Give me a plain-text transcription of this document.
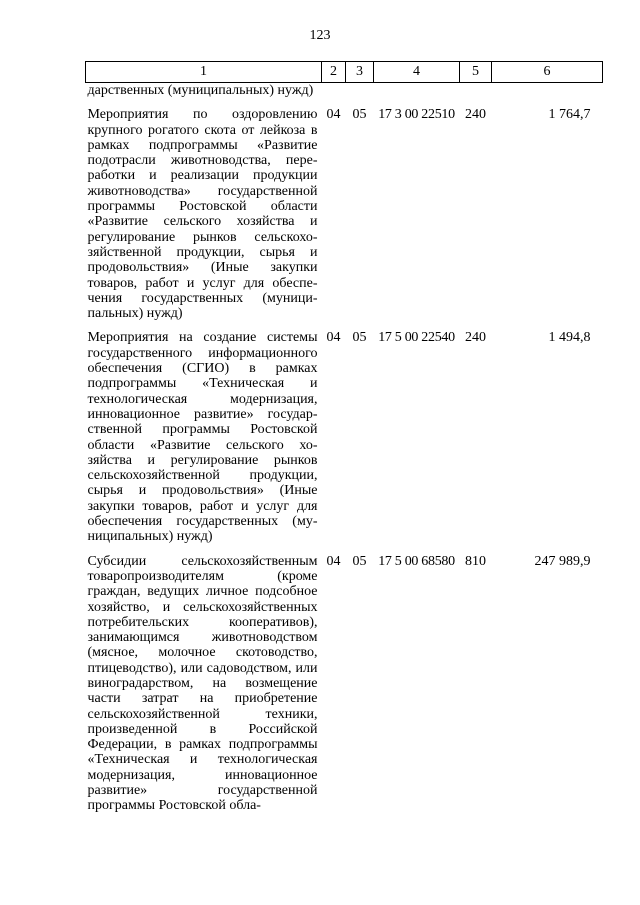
123
1	2	3	4	5	6
дарственных (муниципальных) нужд)					

Мероприятия по оздоровлению крупного рогатого скота от лейкоза в рамках подпрограммы «Развитие подотрасли животноводства, переработки и реализации продукции животноводства» государственной программы Ростовской области «Развитие сельского хозяйства и регулирование рынков сельскохозяйственной продукции, сырья и продовольствия» (Иные закупки товаров, работ и услуг для обеспечения государственных (муниципальных) нужд)	04	05	17 3 00 22510	240	1 764,7

Мероприятия на создание системы государственного информационного обеспечения (СГИО) в рамках подпрограммы «Техническая и технологическая модернизация, инновационное развитие» государственной программы Ростовской области «Развитие сельского хозяйства и регулирование рынков сельскохозяйственной продукции, сырья и продовольствия» (Иные закупки товаров, работ и услуг для обеспечения государственных (муниципальных) нужд)	04	05	17 5 00 22540	240	1 494,8

Субсидии сельскохозяйственным товаропроизводителям (кроме граждан, ведущих личное подсобное хозяйство, и сельскохозяйственных потребительских кооперативов), занимающимся животноводством (мясное, молочное скотоводство, птицеводство), или садоводством, или виноградарством, на возмещение части затрат на приобретение сельскохозяйственной техники, произведенной в Российской Федерации, в рамках подпрограммы «Техническая и технологическая модернизация, инновационное развитие» государственной программы Ростовской обла-	04	05	17 5 00 68580	810	247 989,9
